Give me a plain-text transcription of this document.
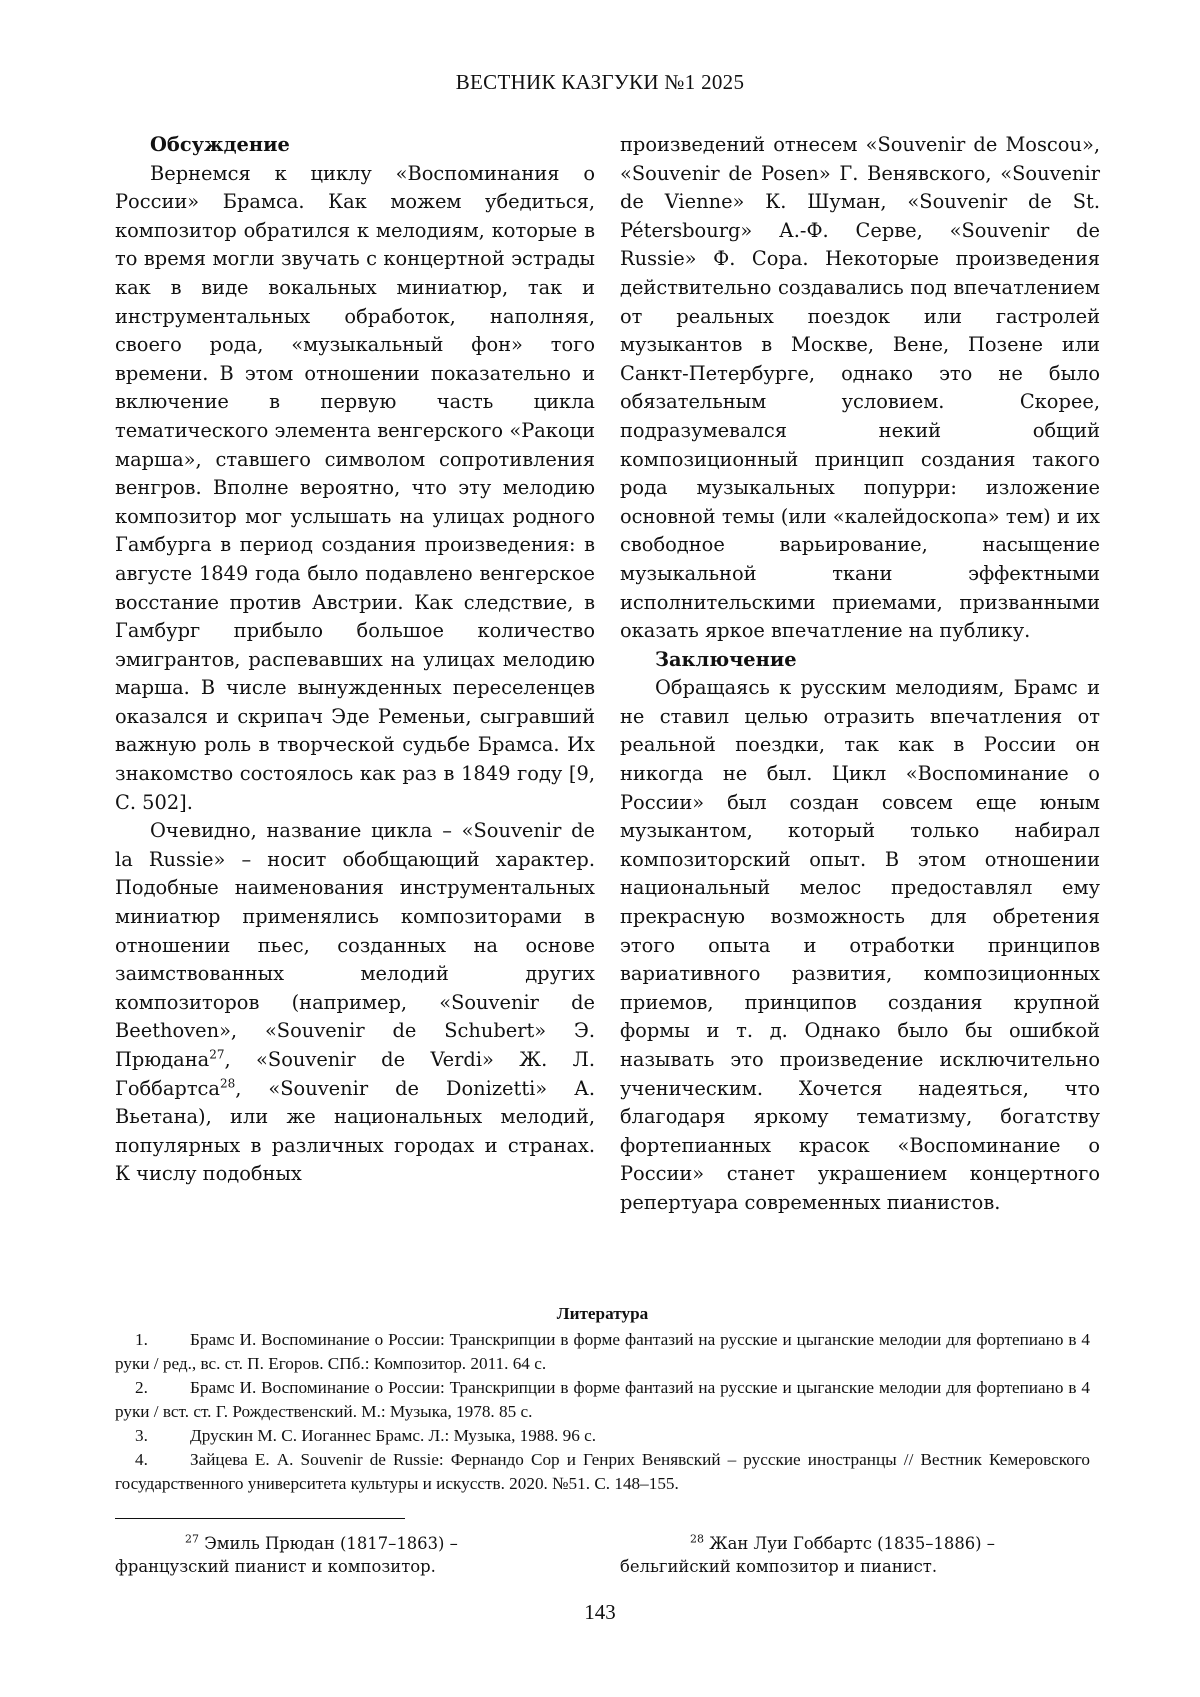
ВЕСТНИК КАЗГУКИ №1 2025
Обсуждение

Вернемся к циклу «Воспоминания о России» Брамса. Как можем убедиться, композитор обратился к мелодиям, которые в то время могли звучать с концертной эстрады как в виде вокальных миниатюр, так и инструментальных обработок, наполняя, своего рода, «музыкальный фон» того времени. В этом отношении показательно и включение в первую часть цикла тематического элемента венгерского «Ракоци марша», ставшего символом сопротивления венгров. Вполне вероятно, что эту мелодию композитор мог услышать на улицах родного Гамбурга в период создания произведения: в августе 1849 года было подавлено венгерское восстание против Австрии. Как следствие, в Гамбург прибыло большое количество эмигрантов, распевавших на улицах мелодию марша. В числе вынужденных переселенцев оказался и скрипач Эде Ременьи, сыгравший важную роль в творческой судьбе Брамса. Их знакомство состоялось как раз в 1849 году [9, С. 502].

Очевидно, название цикла – «Souvenir de la Russie» – носит обобщающий характер. Подобные наименования инструментальных миниатюр применялись композиторами в отношении пьес, созданных на основе заимствованных мелодий других композиторов (например, «Souvenir de Beethoven», «Souvenir de Schubert» Э. Прюдана$^{27}$, «Souvenir de Verdi» Ж. Л. Гоббартса$^{28}$, «Souvenir de Donizetti» А. Вьетана), или же национальных мелодий, популярных в различных городах и странах. К числу подобных

произведений отнесем «Souvenir de Moscou», «Souvenir de Posen» Г. Венявского, «Souvenir de Vienne» К. Шуман, «Souvenir de St. Pétersbourg» А.-Ф. Серве, «Souvenir de Russie» Ф. Сора. Некоторые произведения действительно создавались под впечатлением от реальных поездок или гастролей музыкантов в Москве, Вене, Позене или Санкт-Петербурге, однако это не было обязательным условием. Скорее, подразумевался некий общий композиционный принцип создания такого рода музыкальных попурри: изложение основной темы (или «калейдоскопа» тем) и их свободное варьирование, насыщение музыкальной ткани эффектными исполнительскими приемами, призванными оказать яркое впечатление на публику.

Заключение

Обращаясь к русским мелодиям, Брамс и не ставил целью отразить впечатления от реальной поездки, так как в России он никогда не был. Цикл «Воспоминание о России» был создан совсем еще юным музыкантом, который только набирал композиторский опыт. В этом отношении национальный мелос предоставлял ему прекрасную возможность для обретения этого опыта и отработки принципов вариативного развития, композиционных приемов, принципов создания крупной формы и т. д. Однако было бы ошибкой называть это произведение исключительно ученическим. Хочется надеяться, что благодаря яркому тематизму, богатству фортепианных красок «Воспоминание о России» станет украшением концертного репертуара современных пианистов.

Литература

1. Брамс И. Воспоминание о России: Транскрипции в форме фантазий на русские и цыганские мелодии для фортепиано в 4 руки / ред., вс. ст. П. Егоров. СПб.: Композитор. 2011. 64 с.

2. Брамс И. Воспоминание о России: Транскрипции в форме фантазий на русские и цыганские мелодии для фортепиано в 4 руки / вст. ст. Г. Рождественский. М.: Музыка, 1978. 85 с.

3. Друскин М. С. Иоганнес Брамс. Л.: Музыка, 1988. 96 с.

4. Зайцева Е. А. Souvenir de Russie: Фернандо Сор и Генрих Венявский – русские иностранцы // Вестник Кемеровского государственного университета культуры и искусств. 2020. №51. С. 148–155.

$^{27}$ Эмиль Прюдан (1817–1863) –
французский пианист и композитор.
$^{28}$ Жан Луи Гоббартс (1835–1886) –
бельгийский композитор и пианист.
143
